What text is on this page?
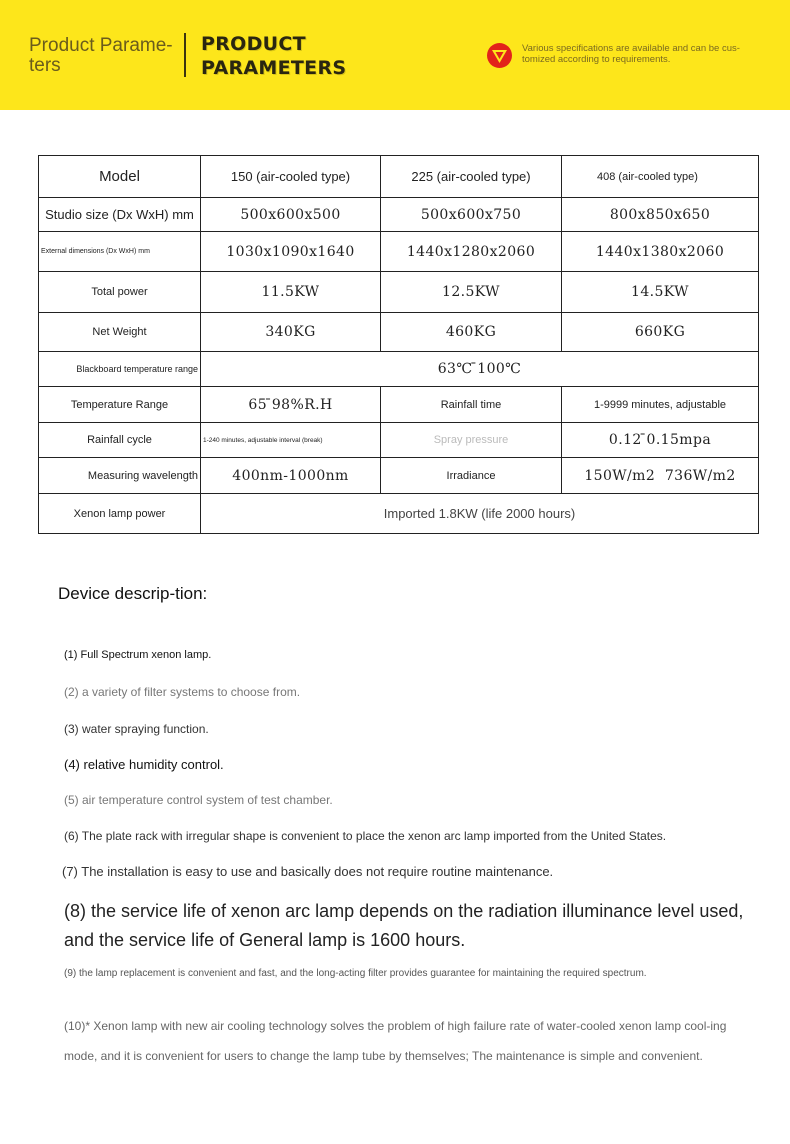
Product Parame-ters
PRODUCT
PARAMETERS
Various specifications are available and can be cus-tomized according to requirements.
Model	150 (air-cooled type)	225 (air-cooled type)	408 (air-cooled type)
Studio size (Dx WxH) mm	500x600x500	500x600x750	800x850x650
External dimensions (Dx WxH) mm	1030x1090x1640	1440x1280x2060	1440x1380x2060
Total power	11.5KW	12.5KW	14.5KW
Net Weight	340KG	460KG	660KG
Blackboard temperature range	63℃ ̄100℃		
Temperature Range	65 ̄98%R.H	Rainfall time	1-9999 minutes, adjustable
Rainfall cycle	1-240 minutes, adjustable interval (break)	Spray pressure	0.12 ̄0.15mpa
Measuring wavelength	400nm-1000nm	Irradiance	150W/m2  736W/m2
Xenon lamp power	Imported 1.8KW (life 2000 hours)		
Device descrip-tion:
(1) Full Spectrum xenon lamp.
(2) a variety of filter systems to choose from.
(3) water spraying function.
(4) relative humidity control.
(5) air temperature control system of test chamber.
(6) The plate rack with irregular shape is convenient to place the xenon arc lamp imported from the United States.
(7) The installation is easy to use and basically does not require routine maintenance.
(8) the service life of xenon arc lamp depends on the radiation illuminance level used, and the service life of General lamp is 1600 hours.
(9) the lamp replacement is convenient and fast, and the long-acting filter provides guarantee for maintaining the required spectrum.
(10)* Xenon lamp with new air cooling technology solves the problem of high failure rate of water-cooled xenon lamp cool-ing mode, and it is convenient for users to change the lamp tube by themselves; The maintenance is simple and convenient.
